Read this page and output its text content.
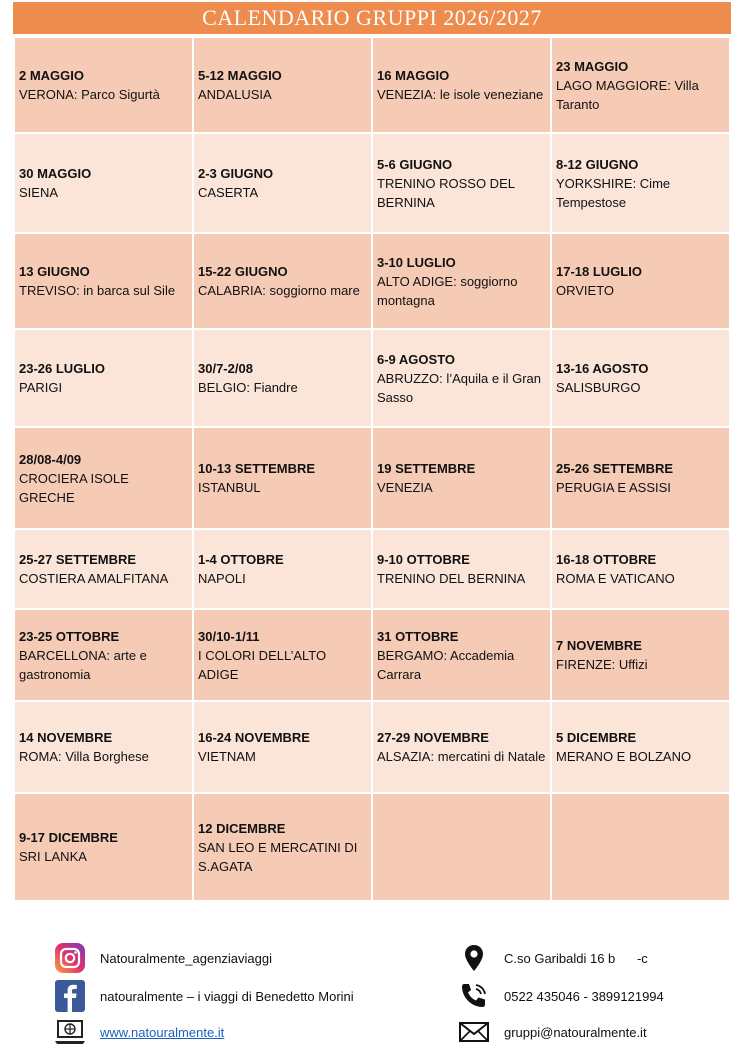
CALENDARIO GRUPPI 2026/2027
2 MAGGIO
VERONA: Parco Sigurtà	5-12 MAGGIO
ANDALUSIA	16 MAGGIO
VENEZIA: le isole veneziane	23 MAGGIO
LAGO MAGGIORE: Villa Taranto

30 MAGGIO
SIENA	2-3 GIUGNO
CASERTA	5-6 GIUGNO
TRENINO ROSSO DEL BERNINA	8-12 GIUGNO
YORKSHIRE: Cime Tempestose

13 GIUGNO
TREVISO: in barca sul Sile	15-22 GIUGNO
CALABRIA: soggiorno mare	3-10 LUGLIO
ALTO ADIGE: soggiorno montagna	17-18 LUGLIO
ORVIETO

23-26 LUGLIO
PARIGI	30/7-2/08
BELGIO: Fiandre	6-9 AGOSTO
ABRUZZO: l’Aquila e il Gran Sasso	13-16 AGOSTO
SALISBURGO

28/08-4/09
CROCIERA ISOLE GRECHE	10-13 SETTEMBRE
ISTANBUL	19 SETTEMBRE
VENEZIA	25-26 SETTEMBRE
PERUGIA E ASSISI

25-27 SETTEMBRE
COSTIERA AMALFITANA	1-4 OTTOBRE
NAPOLI	9-10 OTTOBRE
TRENINO DEL BERNINA	16-18 OTTOBRE
ROMA E VATICANO

23-25 OTTOBRE
BARCELLONA: arte e gastronomia	30/10-1/11
I COLORI DELL’ALTO ADIGE	31 OTTOBRE
BERGAMO: Accademia Carrara	7 NOVEMBRE
FIRENZE: Uffizi

14 NOVEMBRE
ROMA: Villa Borghese	16-24 NOVEMBRE
VIETNAM	27-29 NOVEMBRE
ALSAZIA: mercatini di Natale	5 DICEMBRE
MERANO E BOLZANO

9-17 DICEMBRE
SRI LANKA	12 DICEMBRE
SAN LEO E MERCATINI DI S.AGATA		

Natouralmente_agenziaviaggi
natouralmente – i viaggi di Benedetto Morini
www.natouralmente.it
C.so Garibaldi 16 b      -c
0522 435046 - 3899121994
gruppi@natouralmente.it
